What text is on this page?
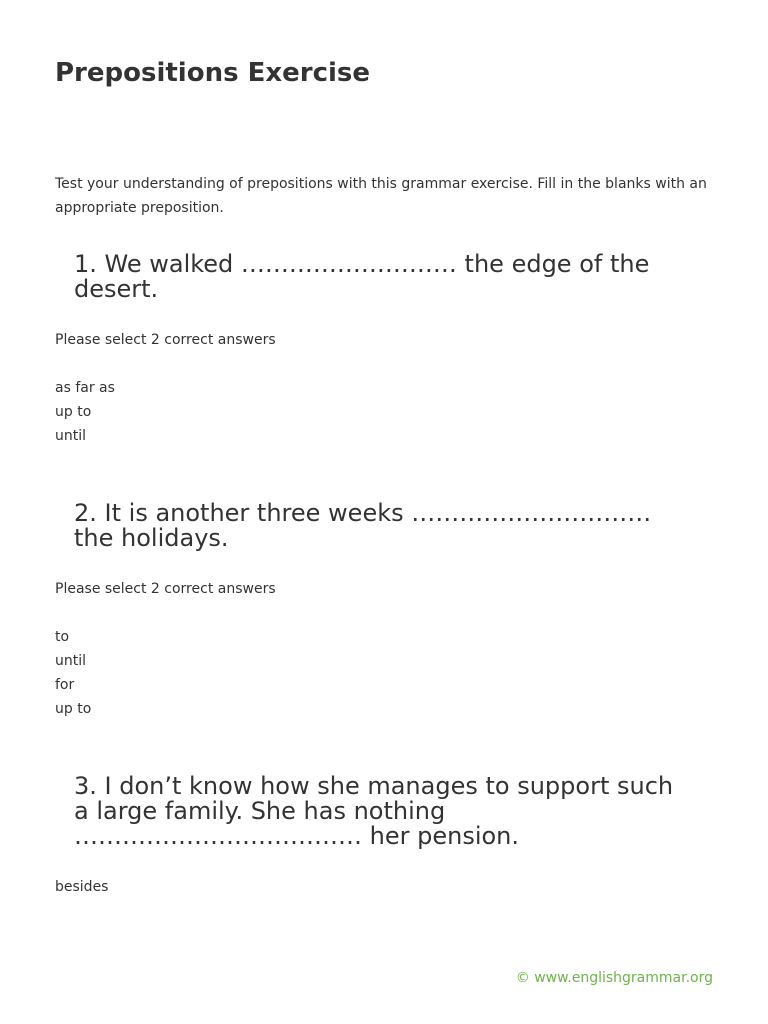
Prepositions Exercise

Test your understanding of prepositions with this grammar exercise. Fill in the blanks with an appropriate preposition.

1. We walked ……………………… the edge of the desert.

Please select 2 correct answers

as far as
up to
until

2. It is another three weeks ………………………… the holidays.

Please select 2 correct answers

to
until
for
up to

3. I don’t know how she manages to support such a large family. She has nothing ……………………………… her pension.

besides
© www.englishgrammar.org
